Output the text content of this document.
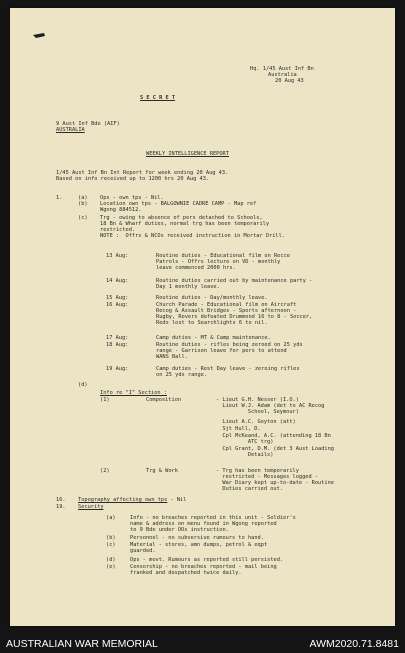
Hq. 1/45 Aust Inf Bn
Australia
20 Aug 43
S E C R E T
9 Aust Inf Bde (AIF)
AUSTRALIA
WEEKLY INTELLIGENCE REPORT
1/45 Aust Inf Bn Int Report for week ending 20 Aug 43.
Based on info received up to 1200 hrs 20 Aug 43.
1.	(a) Ops - own tps - Nil.
(b) Location own tps - BALGOWNIE CADRE CAMP - Map ref
Wgong 884512.
(c) Trg - owing to absence of pers detached to Schools,
18 Bn & Wharf duties, normal trg has been temporarily
restricted.
NOTE :  Offrs & NCOs received instruction in Mortar Drill.
13 Aug:	Routine duties - Educational film on Recce
Patrols - Offrs lecture on VD - monthly
leave commenced 2000 hrs.
14 Aug:	Routine duties carried out by maintenance party -
Day 1 monthly leave.
15 Aug:	Routine duties - Day/monthly leave.
16 Aug:	Church Parade - Educational film on Aircraft
Recog & Assault Bridges - Sports afternoon -
Rugby, Rovers defeated Drummond 16 to 8 - Soccer,
Reds lost to Searchlights 6 to nil.
17 Aug:	Camp duties - MT & Camp maintenance.
18 Aug:	Routine duties - rifles being zeroed on 25 yds
range - Garrison leave for pers to attend
WANS Ball.
19 Aug:	Camp duties - Rest Day leave - zeroing rifles
on 25 yds range.
(d)
Info re "I" Section :
(1)	Composition	- Lieut G.H. Nesser (I.O.)
Lieut W.J. Adam (det to AC Recog
School, Seymour)
Lieut A.C. Goyton (att)
Sjt Hull, D.
Cpl McKeand, A.C. (attending 18 Bn
ATC trg)
Cpl Grant, D.M. (det 3 Aust Loading
Details)
(2)	Trg & Work	- Trg has been temporarily
restricted - Messages logged -
War Diary kept up-to-date - Routine
Duties carried out.
16. Topography affecting own tps - Nil
19. Security
(a)	Info - no breaches reported in this unit - Soldier's
name & address on menu found in Wgong reported
to 9 Bde under OOs instruction.
(b)	Personnel - no subversive rumours to hand.
(c)	Material - stores, amn dumps, petrol & eqpt
guarded.
(d)	Ops - movt. Rumours as reported still persisted.
(e)	Censorship - no breaches reported - mail being
franked and despatched twice daily.
AUSTRALIAN WAR MEMORIAL	AWM2020.71.8481
